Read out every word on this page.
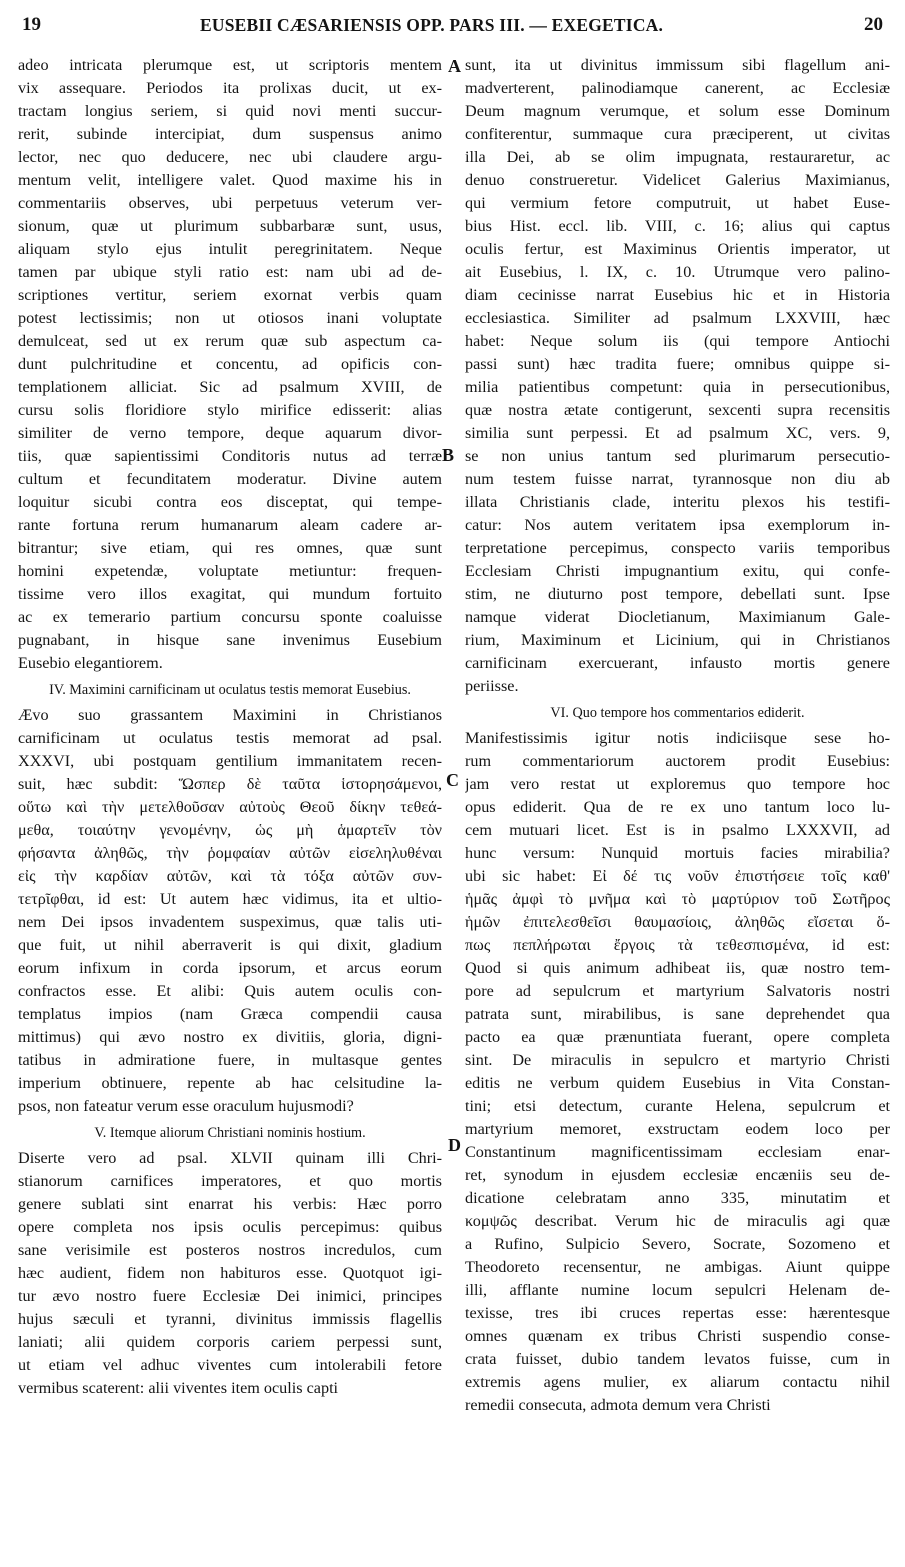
19	EUSEBII CÆSARIENSIS OPP. PARS III. — EXEGETICA.	20
A
B
C
D
adeo intricata plerumque est, ut scriptoris mentem
vix assequare. Periodos ita prolixas ducit, ut ex-
tractam longius seriem, si quid novi menti succur-
rerit, subinde intercipiat, dum suspensus animo
lector, nec quo deducere, nec ubi claudere argu-
mentum velit, intelligere valet. Quod maxime his in
commentariis observes, ubi perpetuus veterum ver-
sionum, quæ ut plurimum subbarbaræ sunt, usus,
aliquam stylo ejus intulit peregrinitatem. Neque
tamen par ubique styli ratio est: nam ubi ad de-
scriptiones vertitur, seriem exornat verbis quam
potest lectissimis; non ut otiosos inani voluptate
demulceat, sed ut ex rerum quæ sub aspectum ca-
dunt pulchritudine et concentu, ad opificis con-
templationem alliciat. Sic ad psalmum XVIII, de
cursu solis floridiore stylo mirifice edisserit: alias
similiter de verno tempore, deque aquarum divor-
tiis, quæ sapientissimi Conditoris nutus ad terræ
cultum et fecunditatem moderatur. Divine autem
loquitur sicubi contra eos disceptat, qui tempe-
rante fortuna rerum humanarum aleam cadere ar-
bitrantur; sive etiam, qui res omnes, quæ sunt
homini expetendæ, voluptate metiuntur: frequen-
tissime vero illos exagitat, qui mundum fortuito
ac ex temerario partium concursu sponte coaluisse
pugnabant, in hisque sane invenimus Eusebium
Eusebio elegantiorem.
IV. Maximini carnificinam ut oculatus testis memorat Eusebius.
Ævo suo grassantem Maximini in Christianos
carnificinam ut oculatus testis memorat ad psal.
XXXVI, ubi postquam gentilium immanitatem recen-
suit, hæc subdit: Ὥσπερ δὲ ταῦτα ἱστορησάμενοι,
οὕτω καὶ τὴν μετελθοῦσαν αὐτοὺς Θεοῦ δίκην τεθεά-
μεθα, τοιαύτην γενομένην, ὡς μὴ ἁμαρτεῖν τὸν
φήσαντα ἀληθῶς, τὴν ῥομφαίαν αὐτῶν εἰσεληλυθέναι
εἰς τὴν καρδίαν αὐτῶν, καὶ τὰ τόξα αὐτῶν συν-
τετρῖφθαι, id est: Ut autem hæc vidimus, ita et ultio-
nem Dei ipsos invadentem suspeximus, quæ talis uti-
que fuit, ut nihil aberraverit is qui dixit, gladium
eorum infixum in corda ipsorum, et arcus eorum
confractos esse. Et alibi: Quis autem oculis con-
templatus impios (nam Græca compendii causa
mittimus) qui ævo nostro ex divitiis, gloria, digni-
tatibus in admiratione fuere, in multasque gentes
imperium obtinuere, repente ab hac celsitudine la-
psos, non fateatur verum esse oraculum hujusmodi?
V. Itemque aliorum Christiani nominis hostium.
Diserte vero ad psal. XLVII quinam illi Chri-
stianorum carnifices imperatores, et quo mortis
genere sublati sint enarrat his verbis: Hæc porro
opere completa nos ipsis oculis percepimus: quibus
sane verisimile est posteros nostros incredulos, cum
hæc audient, fidem non habituros esse. Quotquot igi-
tur ævo nostro fuere Ecclesiæ Dei inimici, principes
hujus sæculi et tyranni, divinitus immissis flagellis
laniati; alii quidem corporis cariem perpessi sunt,
ut etiam vel adhuc viventes cum intolerabili fetore
vermibus scaterent: alii viventes item oculis capti
sunt, ita ut divinitus immissum sibi flagellum ani-
madverterent, palinodiamque canerent, ac Ecclesiæ
Deum magnum verumque, et solum esse Dominum
confiterentur, summaque cura præciperent, ut civitas
illa Dei, ab se olim impugnata, restauraretur, ac
denuo construeretur. Videlicet Galerius Maximianus,
qui vermium fetore computruit, ut habet Euse-
bius Hist. eccl. lib. VIII, c. 16; alius qui captus
oculis fertur, est Maximinus Orientis imperator, ut
ait Eusebius, l. IX, c. 10. Utrumque vero palino-
diam cecinisse narrat Eusebius hic et in Historia
ecclesiastica. Similiter ad psalmum LXXVIII, hæc
habet: Neque solum iis (qui tempore Antiochi
passi sunt) hæc tradita fuere; omnibus quippe si-
milia patientibus competunt: quia in persecutionibus,
quæ nostra ætate contigerunt, sexcenti supra recensitis
similia sunt perpessi. Et ad psalmum XC, vers. 9,
se non unius tantum sed plurimarum persecutio-
num testem fuisse narrat, tyrannosque non diu ab
illata Christianis clade, interitu plexos his testifi-
catur: Nos autem veritatem ipsa exemplorum in-
terpretatione percepimus, conspecto variis temporibus
Ecclesiam Christi impugnantium exitu, qui confe-
stim, ne diuturno post tempore, debellati sunt. Ipse
namque viderat Diocletianum, Maximianum Gale-
rium, Maximinum et Licinium, qui in Christianos
carnificinam exercuerant, infausto mortis genere
periisse.
VI. Quo tempore hos commentarios ediderit.
Manifestissimis igitur notis indiciisque sese ho-
rum commentariorum auctorem prodit Eusebius:
jam vero restat ut exploremus quo tempore hoc
opus ediderit. Qua de re ex uno tantum loco lu-
cem mutuari licet. Est is in psalmo LXXXVII, ad
hunc versum: Nunquid mortuis facies mirabilia?
ubi sic habet: Εἰ δέ τις νοῦν ἐπιστήσειε τοῖς καθ'
ἡμᾶς ἀμφὶ τὸ μνῆμα καὶ τὸ μαρτύριον τοῦ Σωτῆρος
ἡμῶν ἐπιτελεσθεῖσι θαυμασίοις, ἀληθῶς εἴσεται ὅ-
πως πεπλήρωται ἔργοις τὰ τεθεσπισμένα, id est:
Quod si quis animum adhibeat iis, quæ nostro tem-
pore ad sepulcrum et martyrium Salvatoris nostri
patrata sunt, mirabilibus, is sane deprehendet qua
pacto ea quæ prænuntiata fuerant, opere completa
sint. De miraculis in sepulcro et martyrio Christi
editis ne verbum quidem Eusebius in Vita Constan-
tini; etsi detectum, curante Helena, sepulcrum et
martyrium memoret, exstructam eodem loco per
Constantinum magnificentissimam ecclesiam enar-
ret, synodum in ejusdem ecclesiæ encæniis seu de-
dicatione celebratam anno 335, minutatim et
κομψῶς describat. Verum hic de miraculis agi quæ
a Rufino, Sulpicio Severo, Socrate, Sozomeno et
Theodoreto recensentur, ne ambigas. Aiunt quippe
illi, afflante numine locum sepulcri Helenam de-
texisse, tres ibi cruces repertas esse: hærentesque
omnes quænam ex tribus Christi suspendio conse-
crata fuisset, dubio tandem levatos fuisse, cum in
extremis agens mulier, ex aliarum contactu nihil
remedii consecuta, admota demum vera Christi
